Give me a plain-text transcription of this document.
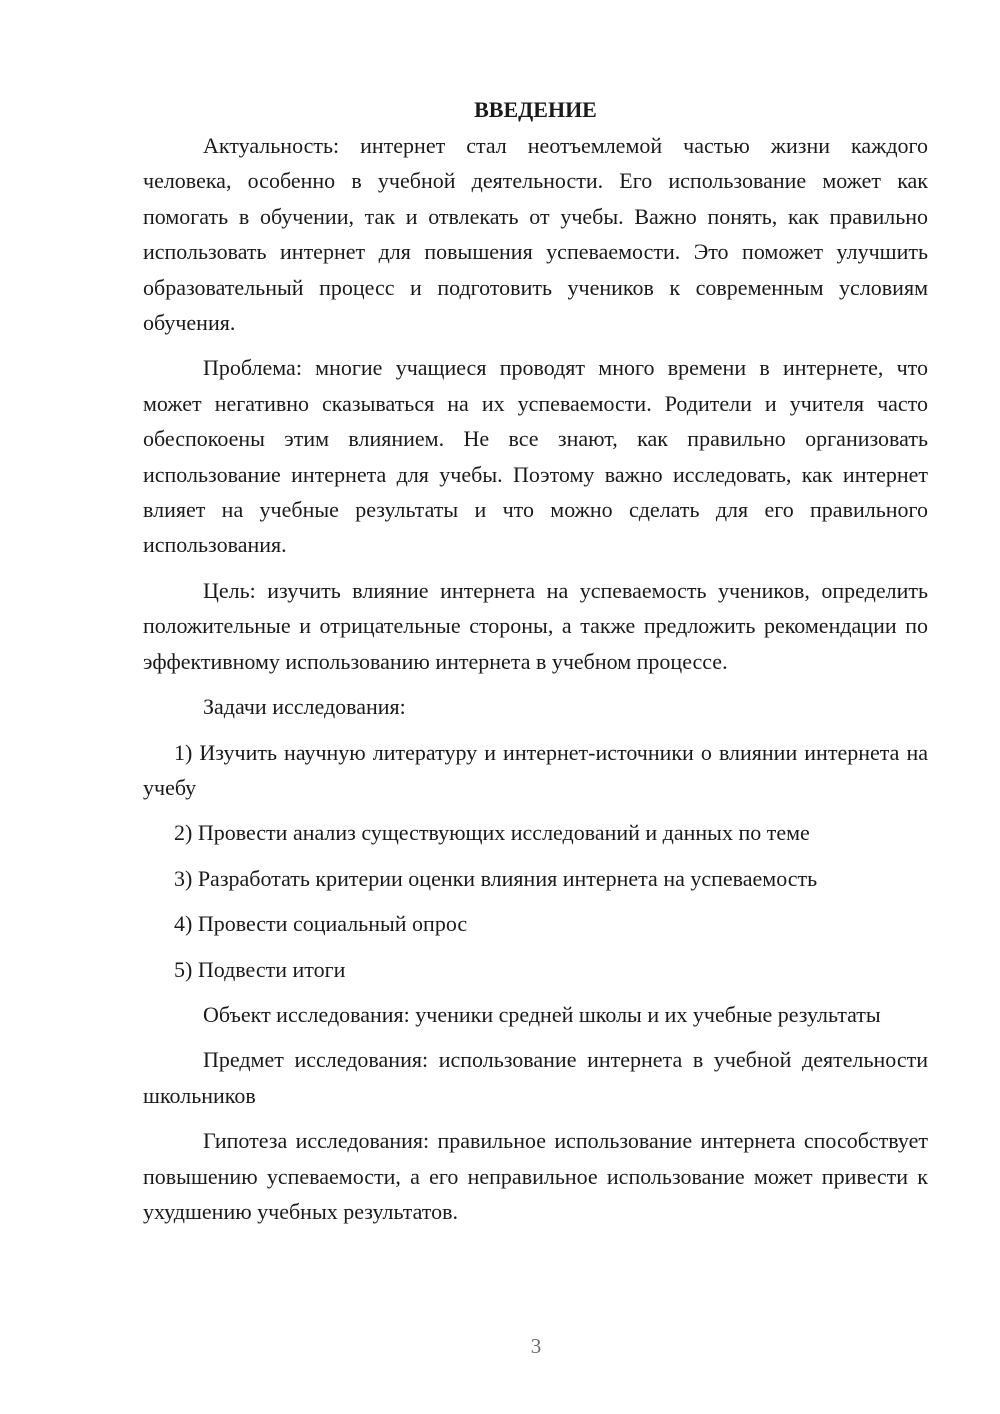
ВВЕДЕНИЕ

Актуальность: интернет стал неотъемлемой частью жизни каждого человека, особенно в учебной деятельности. Его использование может как помогать в обучении, так и отвлекать от учебы. Важно понять, как правильно использовать интернет для повышения успеваемости. Это поможет улучшить образовательный процесс и подготовить учеников к современным условиям обучения.

Проблема: многие учащиеся проводят много времени в интернете, что может негативно сказываться на их успеваемости. Родители и учителя часто обеспокоены этим влиянием. Не все знают, как правильно организовать использование интернета для учебы. Поэтому важно исследовать, как интернет влияет на учебные результаты и что можно сделать для его правильного использования.

Цель: изучить влияние интернета на успеваемость учеников, определить положительные и отрицательные стороны, а также предложить рекомендации по эффективному использованию интернета в учебном процессе.

Задачи исследования:

1) Изучить научную литературу и интернет-источники о влиянии интернета на учебу

2) Провести анализ существующих исследований и данных по теме

3) Разработать критерии оценки влияния интернета на успеваемость

4) Провести социальный опрос

5) Подвести итоги

Объект исследования: ученики средней школы и их учебные результаты

Предмет исследования: использование интернета в учебной деятельности школьников

Гипотеза исследования: правильное использование интернета способствует повышению успеваемости, а его неправильное использование может привести к ухудшению учебных результатов.

3
